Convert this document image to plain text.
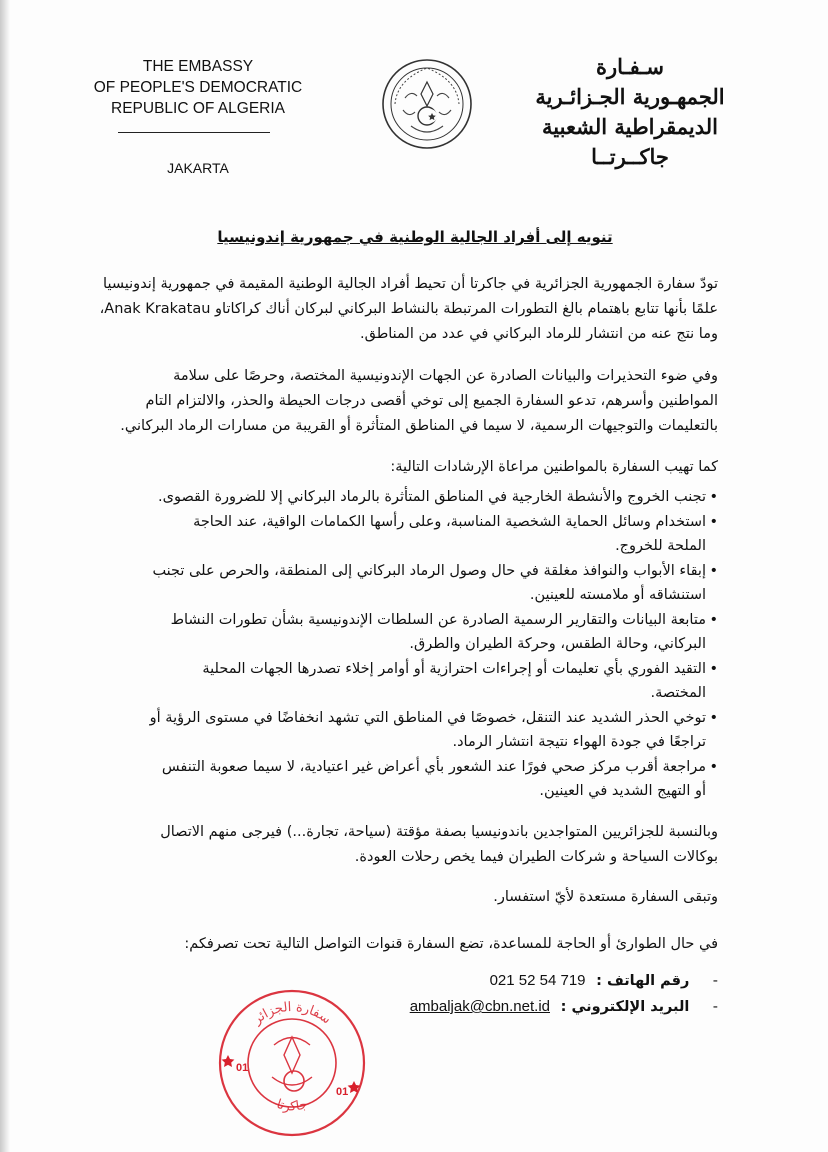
THE EMBASSY
OF PEOPLE'S DEMOCRATIC
REPUBLIC OF ALGERIA
JAKARTA
سـفـارة
الجمهـورية الجـزائـرية
الديمقراطية الشعبية
جاكــرتــا
تنويه إلى أفراد الجالية الوطنية في جمهورية إندونيسيا
تودّ سفارة الجمهورية الجزائرية في جاكرتا أن تحيط أفراد الجالية الوطنية المقيمة في جمهورية إندونيسيا
علمًا بأنها تتابع باهتمام بالغ التطورات المرتبطة بالنشاط البركاني لبركان أناك كراكاتاو Anak Krakatau،
وما نتج عنه من انتشار للرماد البركاني في عدد من المناطق.
وفي ضوء التحذيرات والبيانات الصادرة عن الجهات الإندونيسية المختصة، وحرصًا على سلامة
المواطنين وأسرهم، تدعو السفارة الجميع إلى توخي أقصى درجات الحيطة والحذر، والالتزام التام
بالتعليمات والتوجيهات الرسمية، لا سيما في المناطق المتأثرة أو القريبة من مسارات الرماد البركاني.
كما تهيب السفارة بالمواطنين مراعاة الإرشادات التالية:
• تجنب الخروج والأنشطة الخارجية في المناطق المتأثرة بالرماد البركاني إلا للضرورة القصوى.
• استخدام وسائل الحماية الشخصية المناسبة، وعلى رأسها الكمامات الواقية، عند الحاجة
الملحة للخروج.
• إبقاء الأبواب والنوافذ مغلقة في حال وصول الرماد البركاني إلى المنطقة، والحرص على تجنب
استنشاقه أو ملامسته للعينين.
• متابعة البيانات والتقارير الرسمية الصادرة عن السلطات الإندونيسية بشأن تطورات النشاط
البركاني، وحالة الطقس، وحركة الطيران والطرق.
• التقيد الفوري بأي تعليمات أو إجراءات احترازية أو أوامر إخلاء تصدرها الجهات المحلية
المختصة.
• توخي الحذر الشديد عند التنقل، خصوصًا في المناطق التي تشهد انخفاضًا في مستوى الرؤية أو
تراجعًا في جودة الهواء نتيجة انتشار الرماد.
• مراجعة أقرب مركز صحي فورًا عند الشعور بأي أعراض غير اعتيادية، لا سيما صعوبة التنفس
أو التهيج الشديد في العينين.
وبالنسبة للجزائريين المتواجدين باندونيسيا بصفة مؤقتة (سياحة، تجارة...) فيرجى منهم الاتصال
بوكالات السياحة و شركات الطيران فيما يخص رحلات العودة.
وتبقى السفارة مستعدة لأيّ استفسار.
في حال الطوارئ أو الحاجة للمساعدة، تضع السفارة قنوات التواصل التالية تحت تصرفكم:
- رقم الهاتف : 021 52 54 719
- البريد الإلكتروني : ambaljak@cbn.net.id
سفارة الجزائر
جاكرتا
01
01
